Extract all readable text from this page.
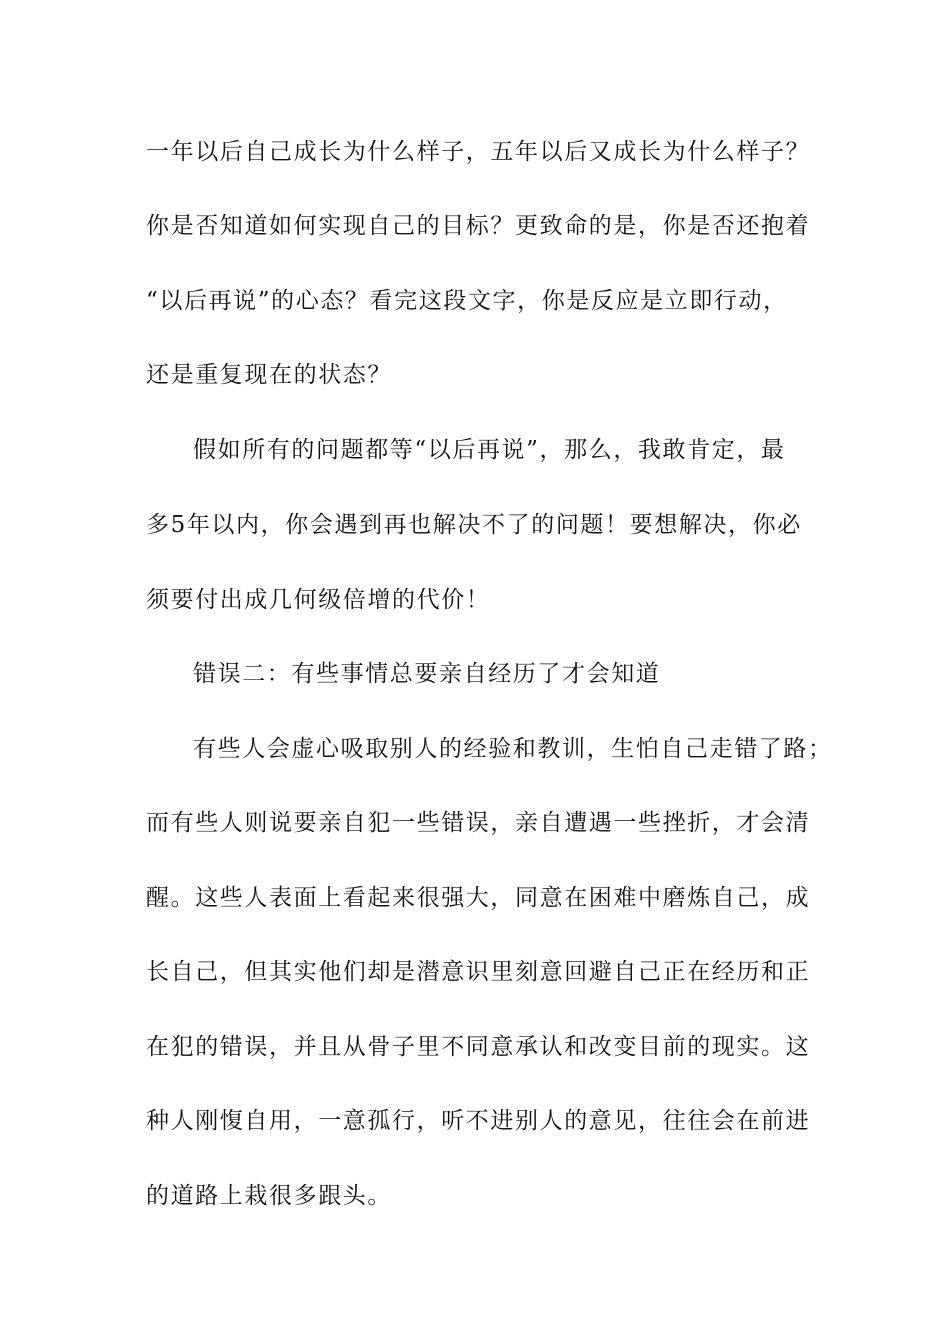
一年以后自己成长为什么样子，五年以后又成长为什么样子？
你是否知道如何实现自己的目标？更致命的是，你是否还抱着
“以后再说”的心态？看完这段文字，你是反应是立即行动，
还是重复现在的状态？
假如所有的问题都等“以后再说”，那么，我敢肯定，最
多5年以内，你会遇到再也解决不了的问题！要想解决，你必
须要付出成几何级倍增的代价！
错误二：有些事情总要亲自经历了才会知道
有些人会虚心吸取别人的经验和教训，生怕自己走错了路；
而有些人则说要亲自犯一些错误，亲自遭遇一些挫折，才会清
醒。这些人表面上看起来很强大，同意在困难中磨炼自己，成
长自己，但其实他们却是潜意识里刻意回避自己正在经历和正
在犯的错误，并且从骨子里不同意承认和改变目前的现实。这
种人刚愎自用，一意孤行，听不进别人的意见，往往会在前进
的道路上栽很多跟头。
